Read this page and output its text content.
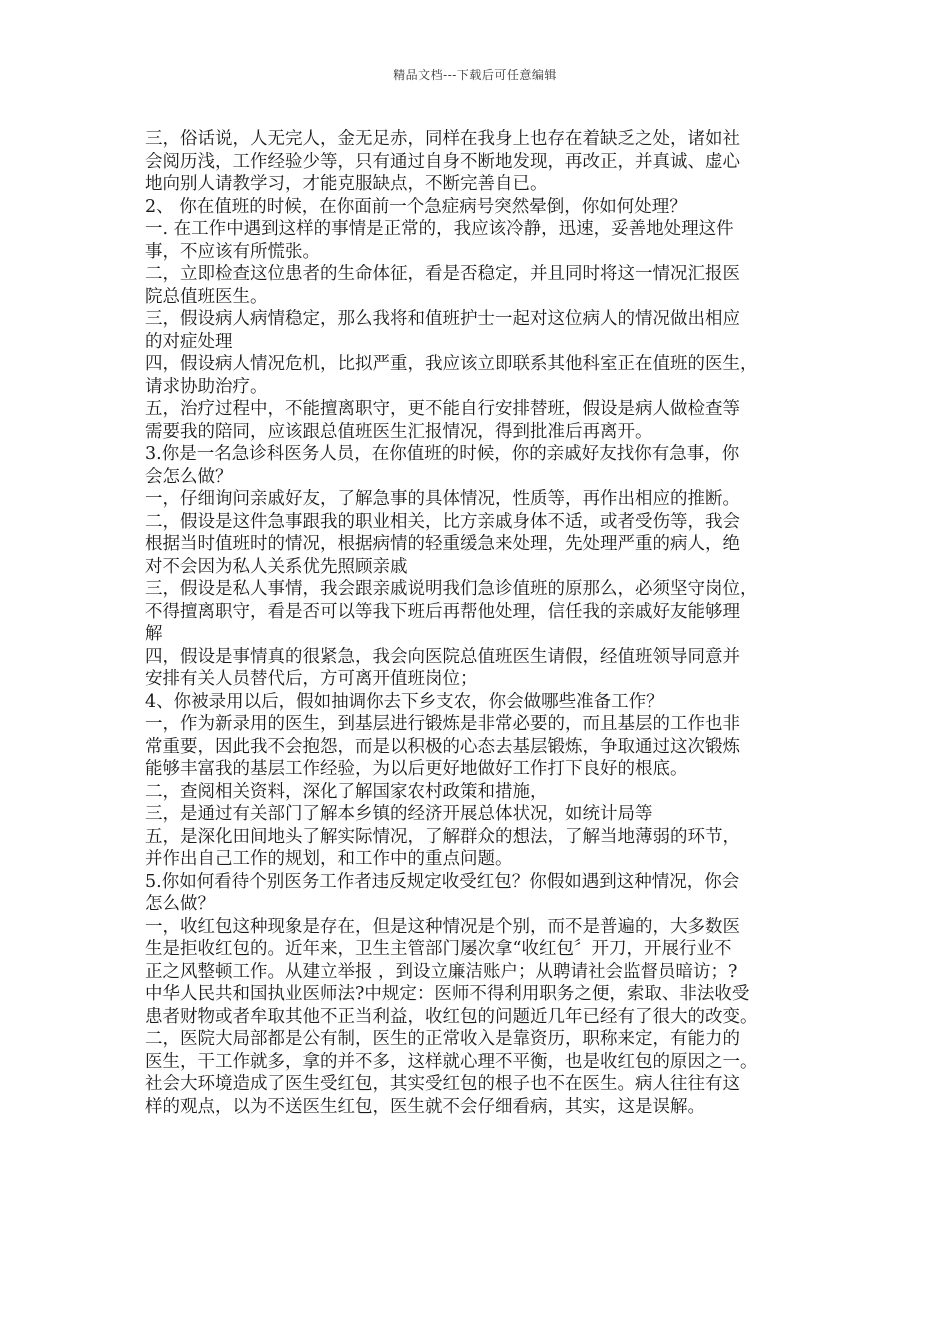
精品文档---下载后可任意编辑
三，俗话说，人无完人，金无足赤，同样在我身上也存在着缺乏之处，诸如社
会阅历浅，工作经验少等，只有通过自身不断地发现，再改正，并真诚、虚心
地向别人请教学习，才能克服缺点，不断完善自已。
2、 你在值班的时候，在你面前一个急症病号突然晕倒，你如何处理？
一. 在工作中遇到这样的事情是正常的，我应该冷静，迅速，妥善地处理这件
事，不应该有所慌张。
二，立即检查这位患者的生命体征，看是否稳定，并且同时将这一情况汇报医
院总值班医生。
三，假设病人病情稳定，那么我将和值班护士一起对这位病人的情况做出相应
的对症处理
四，假设病人情况危机，比拟严重，我应该立即联系其他科室正在值班的医生，
请求协助治疗。
五，治疗过程中，不能擅离职守，更不能自行安排替班，假设是病人做检查等
需要我的陪同，应该跟总值班医生汇报情况，得到批准后再离开。
3.你是一名急诊科医务人员，在你值班的时候，你的亲戚好友找你有急事，你
会怎么做？
一，仔细询问亲戚好友，了解急事的具体情况，性质等，再作出相应的推断。
二，假设是这件急事跟我的职业相关，比方亲戚身体不适，或者受伤等，我会
根据当时值班时的情况，根据病情的轻重缓急来处理，先处理严重的病人，绝
对不会因为私人关系优先照顾亲戚
三，假设是私人事情，我会跟亲戚说明我们急诊值班的原那么，必须坚守岗位，
不得擅离职守，看是否可以等我下班后再帮他处理，信任我的亲戚好友能够理
解
四，假设是事情真的很紧急，我会向医院总值班医生请假，经值班领导同意并
安排有关人员替代后，方可离开值班岗位；
4、你被录用以后，假如抽调你去下乡支农，你会做哪些准备工作？
一，作为新录用的医生，到基层进行锻炼是非常必要的，而且基层的工作也非
常重要，因此我不会抱怨，而是以积极的心态去基层锻炼，争取通过这次锻炼
能够丰富我的基层工作经验，为以后更好地做好工作打下良好的根底。
二，查阅相关资料，深化了解国家农村政策和措施，
三，是通过有关部门了解本乡镇的经济开展总体状况，如统计局等
五，是深化田间地头了解实际情况，了解群众的想法，了解当地薄弱的环节，
并作出自己工作的规划，和工作中的重点问题。
5.你如何看待个别医务工作者违反规定收受红包？你假如遇到这种情况，你会
怎么做？
一，收红包这种现象是存在，但是这种情况是个别，而不是普遍的，大多数医
生是拒收红包的。近年来，卫生主管部门屡次拿“收红包〞开刀，开展行业不
正之风整顿工作。从建立举报 ，到设立廉洁账户；从聘请社会监督员暗访；?
中华人民共和国执业医师法?中规定：医师不得利用职务之便，索取、非法收受
患者财物或者牟取其他不正当利益，收红包的问题近几年已经有了很大的改变。
二，医院大局部都是公有制，医生的正常收入是靠资历，职称来定，有能力的
医生，干工作就多，拿的并不多，这样就心理不平衡，也是收红包的原因之一。
社会大环境造成了医生受红包，其实受红包的根子也不在医生。病人往往有这
样的观点，以为不送医生红包，医生就不会仔细看病，其实，这是误解。
